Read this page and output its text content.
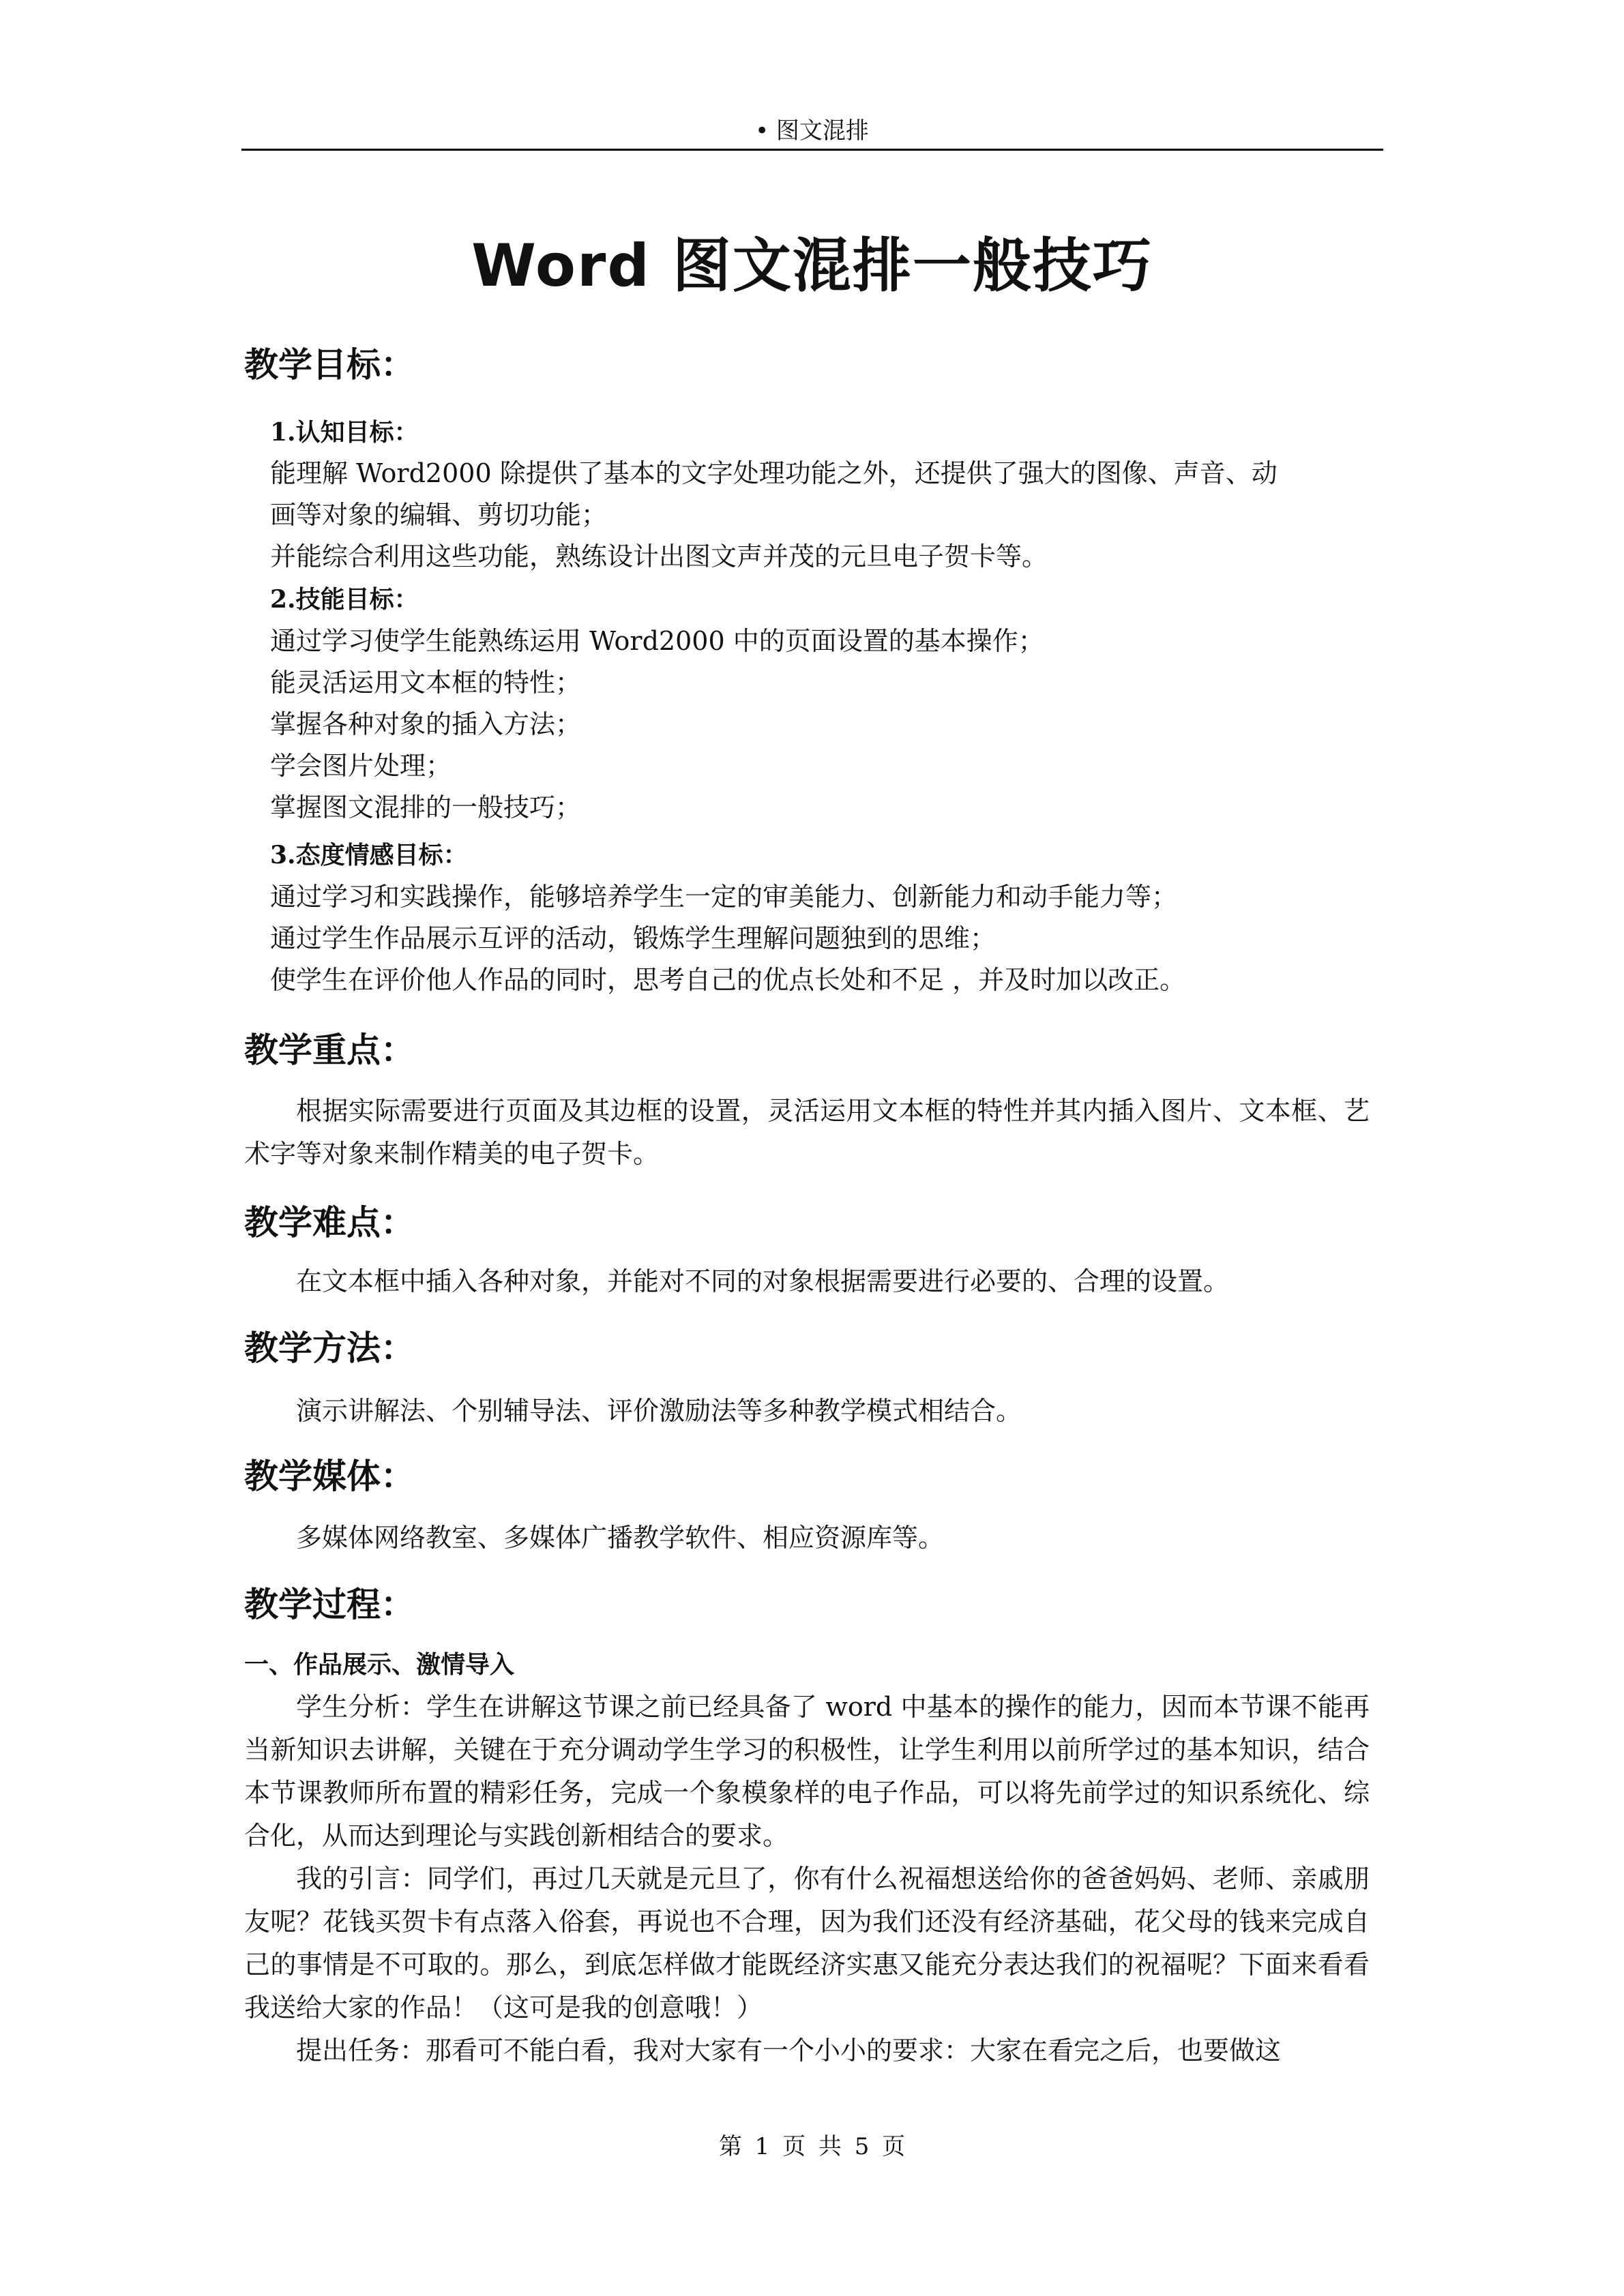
• 图文混排
Word 图文混排一般技巧
教学目标：
1.认知目标：
能理解 Word2000 除提供了基本的文字处理功能之外，还提供了强大的图像、声音、动
画等对象的编辑、剪切功能；
并能综合利用这些功能，熟练设计出图文声并茂的元旦电子贺卡等。
2.技能目标：
通过学习使学生能熟练运用 Word2000 中的页面设置的基本操作；
能灵活运用文本框的特性；
掌握各种对象的插入方法；
学会图片处理；
掌握图文混排的一般技巧；
3.态度情感目标：
通过学习和实践操作，能够培养学生一定的审美能力、创新能力和动手能力等；
通过学生作品展示互评的活动，锻炼学生理解问题独到的思维；
使学生在评价他人作品的同时，思考自己的优点长处和不足 ，并及时加以改正。
教学重点：
根据实际需要进行页面及其边框的设置，灵活运用文本框的特性并其内插入图片、文本框、艺术字等对象来制作精美的电子贺卡。
教学难点：
在文本框中插入各种对象，并能对不同的对象根据需要进行必要的、合理的设置。
教学方法：
演示讲解法、个别辅导法、评价激励法等多种教学模式相结合。
教学媒体：
多媒体网络教室、多媒体广播教学软件、相应资源库等。
教学过程：
一、作品展示、激情导入
学生分析：学生在讲解这节课之前已经具备了 word 中基本的操作的能力，因而本节课不能再当新知识去讲解，关键在于充分调动学生学习的积极性，让学生利用以前所学过的基本知识，结合本节课教师所布置的精彩任务，完成一个象模象样的电子作品，可以将先前学过的知识系统化、综合化，从而达到理论与实践创新相结合的要求。
我的引言：同学们，再过几天就是元旦了，你有什么祝福想送给你的爸爸妈妈、老师、亲戚朋友呢？花钱买贺卡有点落入俗套，再说也不合理，因为我们还没有经济基础，花父母的钱来完成自己的事情是不可取的。那么，到底怎样做才能既经济实惠又能充分表达我们的祝福呢？下面来看看我送给大家的作品！（这可是我的创意哦！）
提出任务：那看可不能白看，我对大家有一个小小的要求：大家在看完之后，也要做这
第 1 页 共 5 页
